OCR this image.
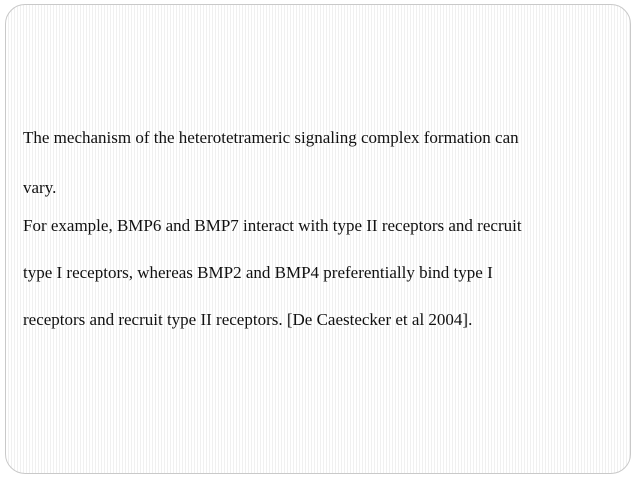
The mechanism of the heterotetrameric signaling complex formation can
vary.

For example, BMP6 and BMP7 interact with type II receptors and recruit
type I receptors, whereas BMP2 and BMP4 preferentially bind type I
receptors and recruit type II receptors. [De Caestecker et al 2004].
